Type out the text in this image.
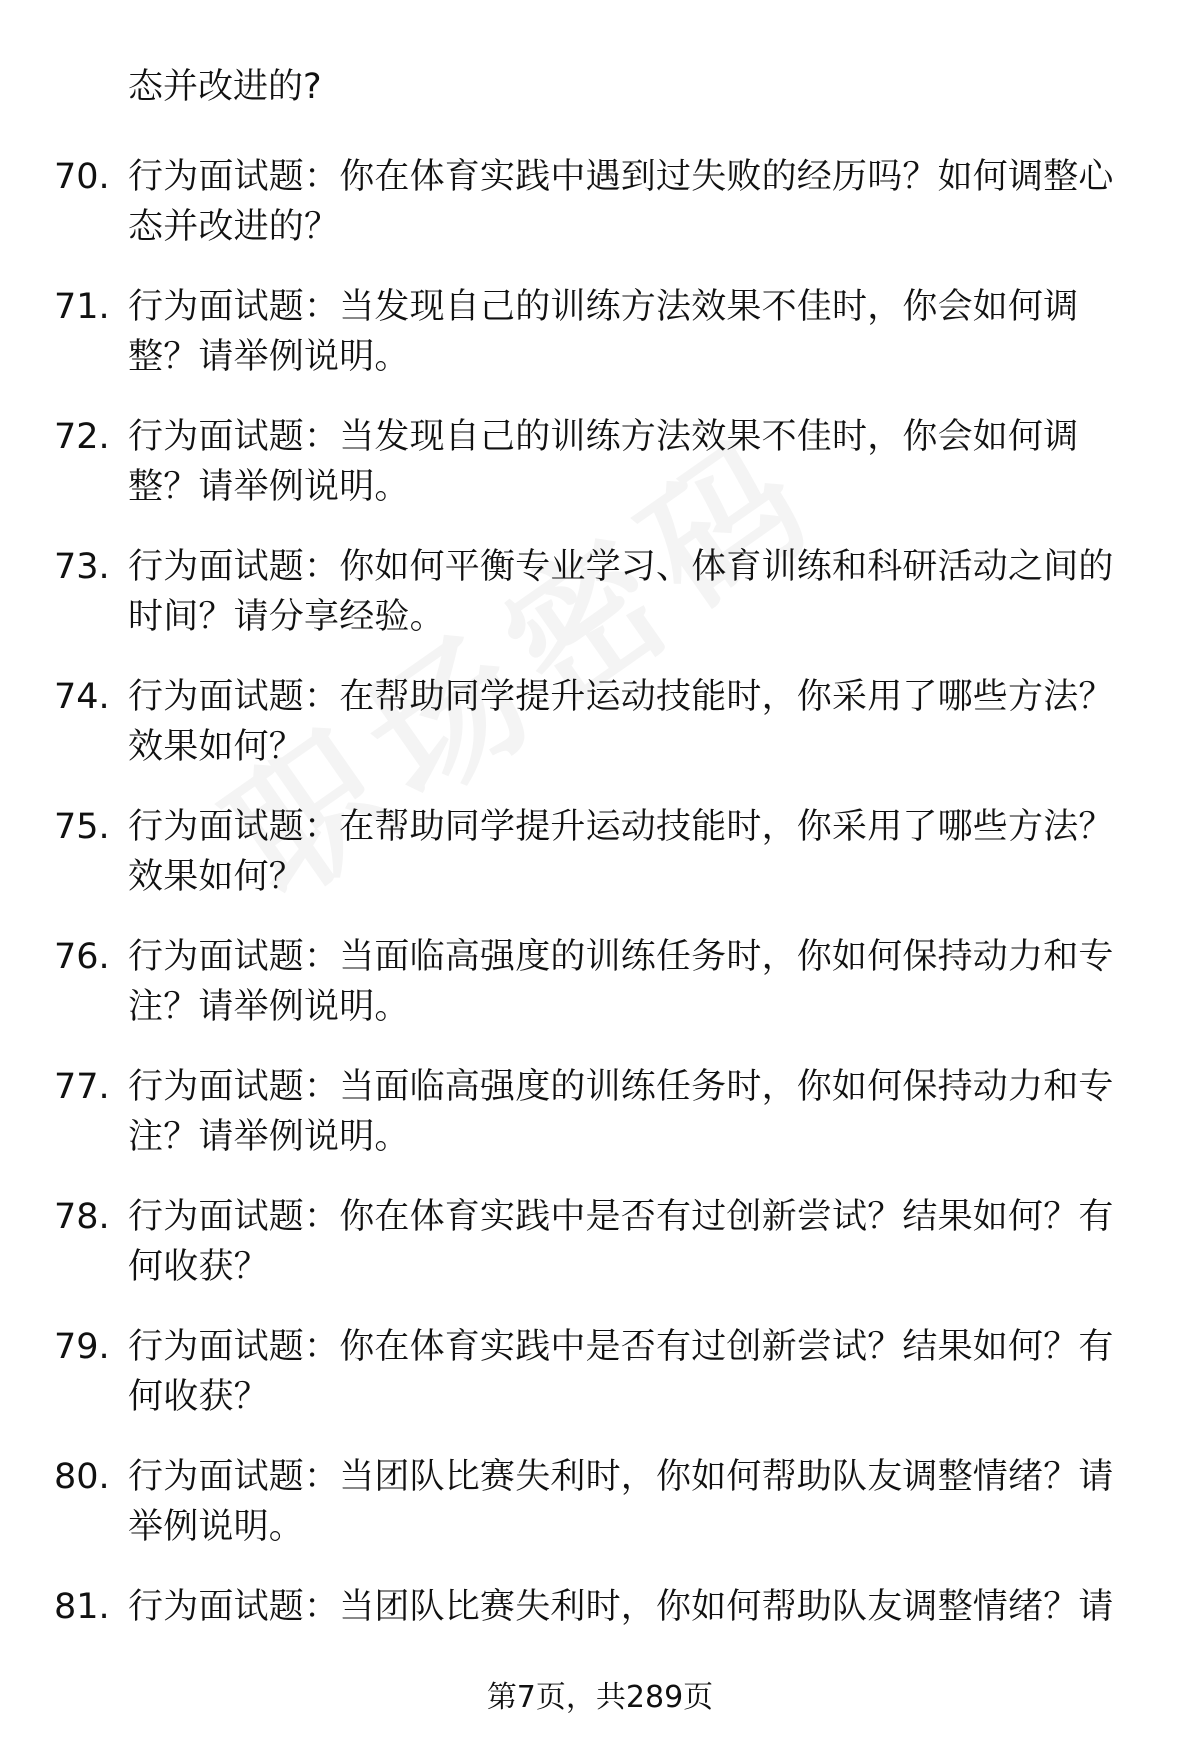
态并改进的?
70. 行为面试题：你在体育实践中遇到过失败的经历吗？如何调整心态并改进的？
71. 行为面试题：当发现自己的训练方法效果不佳时，你会如何调整？请举例说明。
72. 行为面试题：当发现自己的训练方法效果不佳时，你会如何调整？请举例说明。
73. 行为面试题：你如何平衡专业学习、体育训练和科研活动之间的时间？请分享经验。
74. 行为面试题：在帮助同学提升运动技能时，你采用了哪些方法？效果如何？
75. 行为面试题：在帮助同学提升运动技能时，你采用了哪些方法？效果如何？
76. 行为面试题：当面临高强度的训练任务时，你如何保持动力和专注？请举例说明。
77. 行为面试题：当面临高强度的训练任务时，你如何保持动力和专注？请举例说明。
78. 行为面试题：你在体育实践中是否有过创新尝试？结果如何？有何收获？
79. 行为面试题：你在体育实践中是否有过创新尝试？结果如何？有何收获？
80. 行为面试题：当团队比赛失利时，你如何帮助队友调整情绪？请举例说明。
81. 行为面试题：当团队比赛失利时，你如何帮助队友调整情绪？请
第7页，共289页
